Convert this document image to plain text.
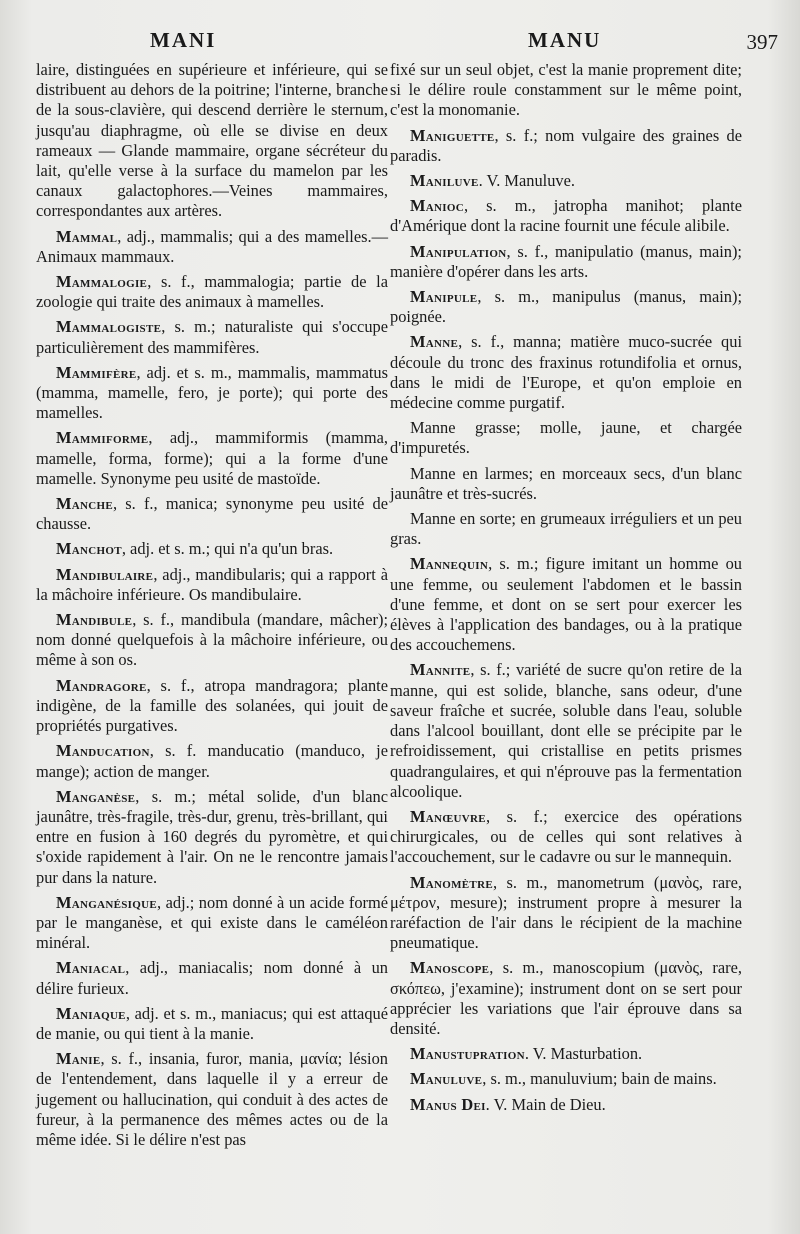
MANI	MANU	397

laire, distinguées en supérieure et inférieure, qui se distribuent au dehors de la poitrine; l'interne, branche de la sous-clavière, qui descend derrière le sternum, jusqu'au diaphragme, où elle se divise en deux rameaux — Glande mammaire, organe sécréteur du lait, qu'elle verse à la surface du mamelon par les canaux galactophores.—Veines mammaires, correspondantes aux artères.

Mammal, adj., mammalis; qui a des mamelles.—Animaux mammaux.

Mammalogie, s. f., mammalogia; partie de la zoologie qui traite des animaux à mamelles.

Mammalogiste, s. m.; naturaliste qui s'occupe particulièrement des mammifères.

Mammifère, adj. et s. m., mammalis, mammatus (mamma, mamelle, fero, je porte); qui porte des mamelles.

Mammiforme, adj., mammiformis (mamma, mamelle, forma, forme); qui a la forme d'une mamelle. Synonyme peu usité de mastoïde.

Manche, s. f., manica; synonyme peu usité de chausse.

Manchot, adj. et s. m.; qui n'a qu'un bras.

Mandibulaire, adj., mandibularis; qui a rapport à la mâchoire inférieure. Os mandibulaire.

Mandibule, s. f., mandibula (mandare, mâcher); nom donné quelquefois à la mâchoire inférieure, ou même à son os.

Mandragore, s. f., atropa mandragora; plante indigène, de la famille des solanées, qui jouit de propriétés purgatives.

Manducation, s. f. manducatio (manduco, je mange); action de manger.

Manganèse, s. m.; métal solide, d'un blanc jaunâtre, très-fragile, très-dur, grenu, très-brillant, qui entre en fusion à 160 degrés du pyromètre, et qui s'oxide rapidement à l'air. On ne le rencontre jamais pur dans la nature.

Manganésique, adj.; nom donné à un acide formé par le manganèse, et qui existe dans le caméléon minéral.

Maniacal, adj., maniacalis; nom donné à un délire furieux.

Maniaque, adj. et s. m., maniacus; qui est attaqué de manie, ou qui tient à la manie.

Manie, s. f., insania, furor, mania, μανία; lésion de l'entendement, dans laquelle il y a erreur de jugement ou hallucination, qui conduit à des actes de fureur, à la permanence des mêmes actes ou de la même idée. Si le délire n'est pas

fixé sur un seul objet, c'est la manie proprement dite; si le délire roule constamment sur le même point, c'est la monomanie.

Maniguette, s. f.; nom vulgaire des graines de paradis.

Maniluve. V. Manuluve.

Manioc, s. m., jatropha manihot; plante d'Amérique dont la racine fournit une fécule alibile.

Manipulation, s. f., manipulatio (manus, main); manière d'opérer dans les arts.

Manipule, s. m., manipulus (manus, main); poignée.

Manne, s. f., manna; matière muco-sucrée qui découle du tronc des fraxinus rotundifolia et ornus, dans le midi de l'Europe, et qu'on emploie en médecine comme purgatif.

Manne grasse; molle, jaune, et chargée d'impuretés.

Manne en larmes; en morceaux secs, d'un blanc jaunâtre et très-sucrés.

Manne en sorte; en grumeaux irréguliers et un peu gras.

Mannequin, s. m.; figure imitant un homme ou une femme, ou seulement l'abdomen et le bassin d'une femme, et dont on se sert pour exercer les élèves à l'application des bandages, ou à la pratique des accouchemens.

Mannite, s. f.; variété de sucre qu'on retire de la manne, qui est solide, blanche, sans odeur, d'une saveur fraîche et sucrée, soluble dans l'eau, soluble dans l'alcool bouillant, dont elle se précipite par le refroidissement, qui cristallise en petits prismes quadrangulaires, et qui n'éprouve pas la fermentation alcoolique.

Manœuvre, s. f.; exercice des opérations chirurgicales, ou de celles qui sont relatives à l'accouchement, sur le cadavre ou sur le mannequin.

Manomètre, s. m., manometrum (μανὸς, rare, μέτρον, mesure); instrument propre à mesurer la raréfaction de l'air dans le récipient de la machine pneumatique.

Manoscope, s. m., manoscopium (μανὸς, rare, σκόπεω, j'examine); instrument dont on se sert pour apprécier les variations que l'air éprouve dans sa densité.

Manustupration. V. Masturbation.

Manuluve, s. m., manuluvium; bain de mains.

Manus Dei. V. Main de Dieu.
